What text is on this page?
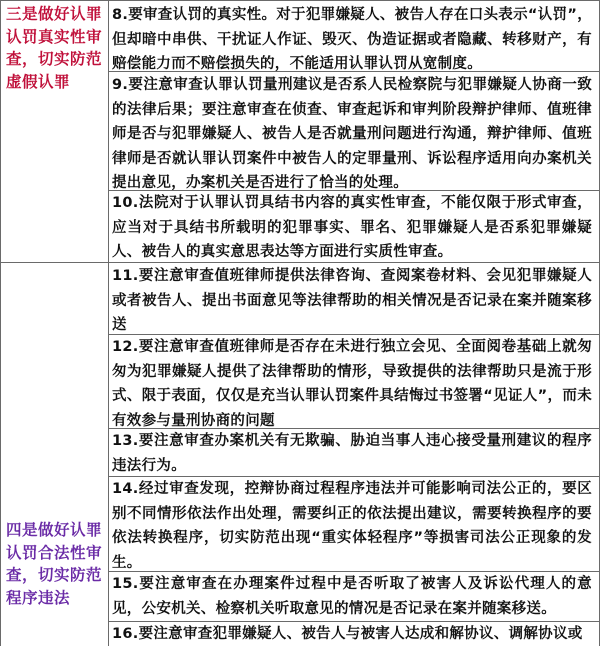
三是做好认罪认罚真实性审查，切实防范虚假认罪
四是做好认罪认罚合法性审查，切实防范程序违法
8.要审查认罚的真实性。对于犯罪嫌疑人、被告人存在口头表示“认罚”，但却暗中串供、干扰证人作证、毁灭、伪造证据或者隐藏、转移财产，有赔偿能力而不赔偿损失的，不能适用认罪认罚从宽制度。
9.要注意审查认罪认罚量刑建议是否系人民检察院与犯罪嫌疑人协商一致的法律后果；要注意审查在侦查、审查起诉和审判阶段辩护律师、值班律师是否与犯罪嫌疑人、被告人是否就量刑问题进行沟通，辩护律师、值班律师是否就认罪认罚案件中被告人的定罪量刑、诉讼程序适用向办案机关提出意见，办案机关是否进行了恰当的处理。
10.法院对于认罪认罚具结书内容的真实性审查，不能仅限于形式审查，应当对于具结书所载明的犯罪事实、罪名、犯罪嫌疑人是否系犯罪嫌疑人、被告人的真实意思表达等方面进行实质性审查。
11.要注意审查值班律师提供法律咨询、查阅案卷材料、会见犯罪嫌疑人或者被告人、提出书面意见等法律帮助的相关情况是否记录在案并随案移送
12.要注意审查值班律师是否存在未进行独立会见、全面阅卷基础上就匆匆为犯罪嫌疑人提供了法律帮助的情形，导致提供的法律帮助只是流于形式、限于表面，仅仅是充当认罪认罚案件具结悔过书签署“见证人”，而未有效参与量刑协商的问题
13.要注意审查办案机关有无欺骗、胁迫当事人违心接受量刑建议的程序违法行为。
14.经过审查发现，控辩协商过程程序违法并可能影响司法公正的，要区别不同情形依法作出处理，需要纠正的依法提出建议，需要转换程序的要依法转换程序，切实防范出现“重实体轻程序”等损害司法公正现象的发生。
15.要注意审查在办理案件过程中是否听取了被害人及诉讼代理人的意见，公安机关、检察机关听取意见的情况是否记录在案并随案移送。
16.要注意审查犯罪嫌疑人、被告人与被害人达成和解协议、调解协议或
